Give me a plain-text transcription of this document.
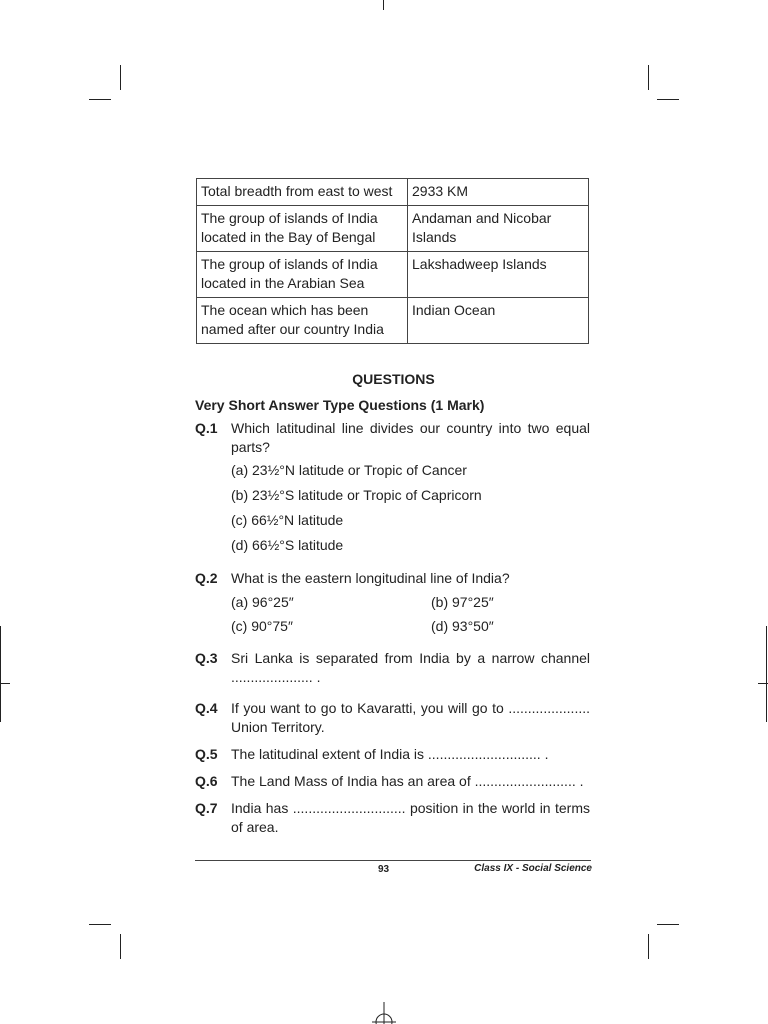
Total breadth from east to west	2933 KM
The group of islands of India located in the Bay of Bengal	Andaman and Nicobar Islands
The group of islands of India located in the Arabian Sea	Lakshadweep Islands
The ocean which has been named after our country India	Indian Ocean
QUESTIONS
Very Short Answer Type Questions (1 Mark)
Q.1 Which latitudinal line divides our country into two equal parts?
(a) 23½°N latitude or Tropic of Cancer
(b) 23½°S latitude or Tropic of Capricorn
(c) 66½°N latitude
(d) 66½°S latitude
Q.2 What is the eastern longitudinal line of India?
(a) 96°25″	(b) 97°25″
(c) 90°75″	(d) 93°50″
Q.3 Sri Lanka is separated from India by a narrow channel ..................... .
Q.4 If you want to go to Kavaratti, you will go to ..................... Union Territory.
Q.5 The latitudinal extent of India is ............................. .
Q.6 The Land Mass of India has an area of .......................... .
Q.7 India has ............................. position in the world in terms of area.
93	Class IX - Social Science
